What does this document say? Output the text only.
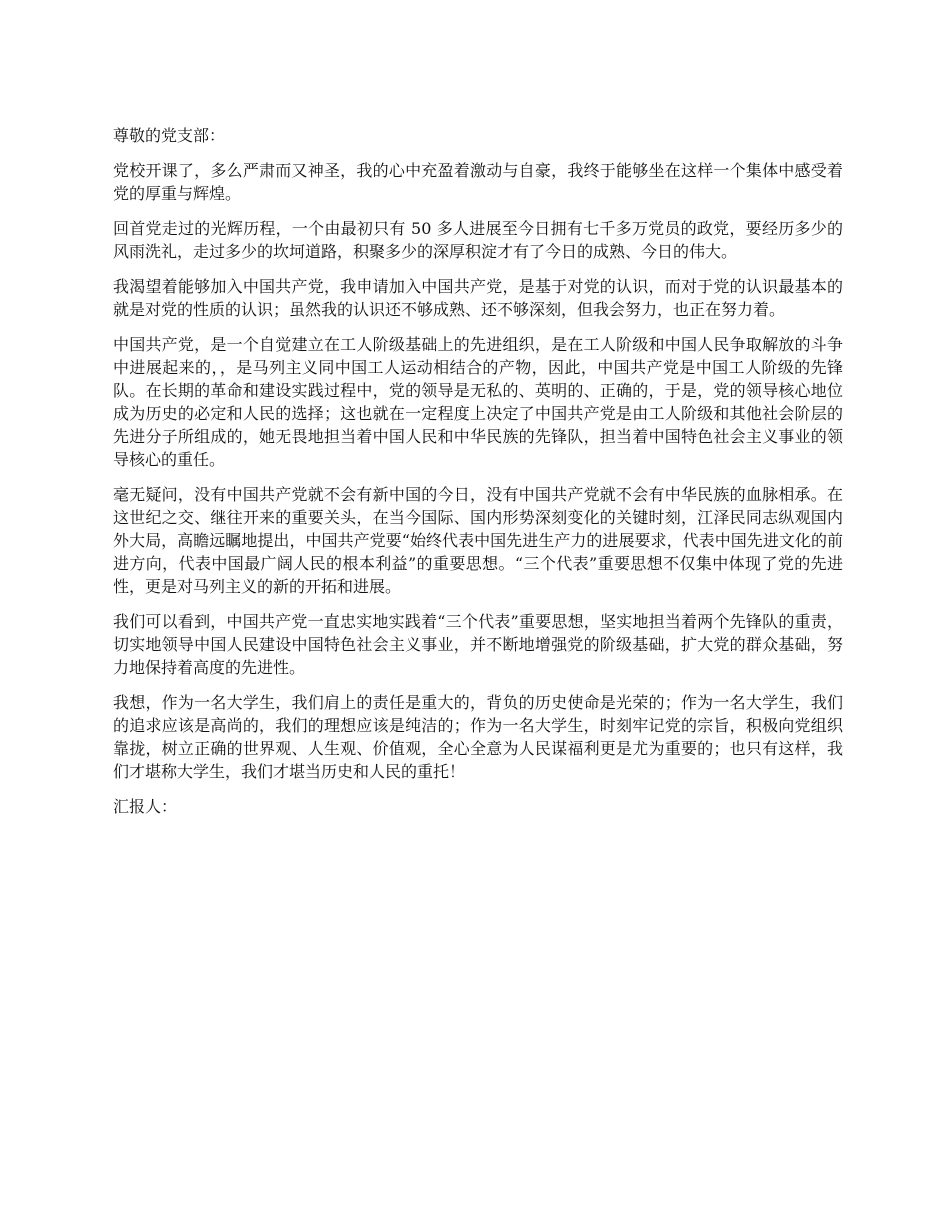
尊敬的党支部：

党校开课了，多么严肃而又神圣，我的心中充盈着激动与自豪，我终于能够坐在这样一个集体中感受着党的厚重与辉煌。

回首党走过的光辉历程，一个由最初只有 50 多人进展至今日拥有七千多万党员的政党，要经历多少的风雨洗礼，走过多少的坎坷道路，积聚多少的深厚积淀才有了今日的成熟、今日的伟大。

我渴望着能够加入中国共产党，我申请加入中国共产党，是基于对党的认识，而对于党的认识最基本的就是对党的性质的认识；虽然我的认识还不够成熟、还不够深刻，但我会努力，也正在努力着。

中国共产党，是一个自觉建立在工人阶级基础上的先进组织，是在工人阶级和中国人民争取解放的斗争中进展起来的，，是马列主义同中国工人运动相结合的产物，因此，中国共产党是中国工人阶级的先锋队。在长期的革命和建设实践过程中，党的领导是无私的、英明的、正确的，于是，党的领导核心地位成为历史的必定和人民的选择；这也就在一定程度上决定了中国共产党是由工人阶级和其他社会阶层的先进分子所组成的，她无畏地担当着中国人民和中华民族的先锋队，担当着中国特色社会主义事业的领导核心的重任。

毫无疑问，没有中国共产党就不会有新中国的今日，没有中国共产党就不会有中华民族的血脉相承。在这世纪之交、继往开来的重要关头，在当今国际、国内形势深刻变化的关键时刻，江泽民同志纵观国内外大局，高瞻远瞩地提出，中国共产党要“始终代表中国先进生产力的进展要求，代表中国先进文化的前进方向，代表中国最广阔人民的根本利益”的重要思想。“三个代表”重要思想不仅集中体现了党的先进性，更是对马列主义的新的开拓和进展。

我们可以看到，中国共产党一直忠实地实践着“三个代表”重要思想，坚实地担当着两个先锋队的重责，切实地领导中国人民建设中国特色社会主义事业，并不断地增强党的阶级基础，扩大党的群众基础，努力地保持着高度的先进性。

我想，作为一名大学生，我们肩上的责任是重大的，背负的历史使命是光荣的；作为一名大学生，我们的追求应该是高尚的，我们的理想应该是纯洁的；作为一名大学生，时刻牢记党的宗旨，积极向党组织靠拢，树立正确的世界观、人生观、价值观，全心全意为人民谋福利更是尤为重要的；也只有这样，我们才堪称大学生，我们才堪当历史和人民的重托！

汇报人：
